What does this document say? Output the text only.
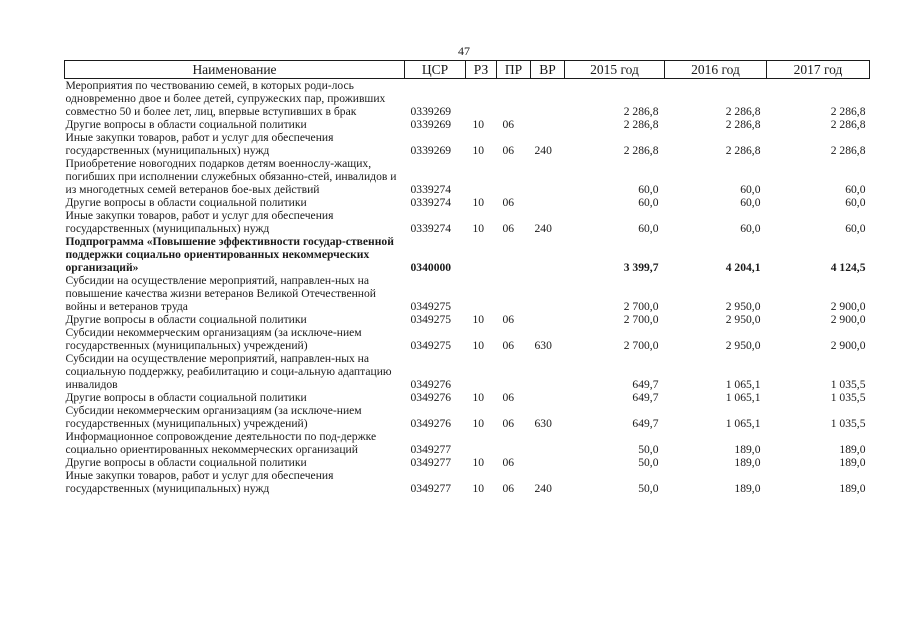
47
Наименование	ЦСР	РЗ	ПР	ВР	2015 год	2016 год	2017 год
Мероприятия по чествованию семей, в которых роди-лось одновременно двое и более детей, супружеских пар, проживших совместно 50 и более лет, лиц, впервые вступивших в брак	0339269				2 286,8	2 286,8	2 286,8
Другие вопросы в области социальной политики	0339269	10	06		2 286,8	2 286,8	2 286,8
Иные закупки товаров, работ и услуг для обеспечения государственных (муниципальных) нужд	0339269	10	06	240	2 286,8	2 286,8	2 286,8
Приобретение новогодних подарков детям военнослу-жащих, погибших при исполнении служебных обязанно-стей, инвалидов и из многодетных семей ветеранов бое-вых действий	0339274				60,0	60,0	60,0
Другие вопросы в области социальной политики	0339274	10	06		60,0	60,0	60,0
Иные закупки товаров, работ и услуг для обеспечения государственных (муниципальных) нужд	0339274	10	06	240	60,0	60,0	60,0
Подпрограмма «Повышение эффективности государ-ственной поддержки социально ориентированных некоммерческих организаций»	0340000				3 399,7	4 204,1	4 124,5
Субсидии на осуществление мероприятий, направлен-ных на повышение качества жизни ветеранов Великой Отечественной войны и ветеранов труда	0349275				2 700,0	2 950,0	2 900,0
Другие вопросы в области социальной политики	0349275	10	06		2 700,0	2 950,0	2 900,0
Субсидии некоммерческим организациям (за исключе-нием государственных (муниципальных) учреждений)	0349275	10	06	630	2 700,0	2 950,0	2 900,0
Субсидии на осуществление мероприятий, направлен-ных на социальную поддержку, реабилитацию и соци-альную адаптацию инвалидов	0349276				649,7	1 065,1	1 035,5
Другие вопросы в области социальной политики	0349276	10	06		649,7	1 065,1	1 035,5
Субсидии некоммерческим организациям (за исключе-нием государственных (муниципальных) учреждений)	0349276	10	06	630	649,7	1 065,1	1 035,5
Информационное сопровождение деятельности по под-держке социально ориентированных некоммерческих организаций	0349277				50,0	189,0	189,0
Другие вопросы в области социальной политики	0349277	10	06		50,0	189,0	189,0
Иные закупки товаров, работ и услуг для обеспечения государственных (муниципальных) нужд	0349277	10	06	240	50,0	189,0	189,0
